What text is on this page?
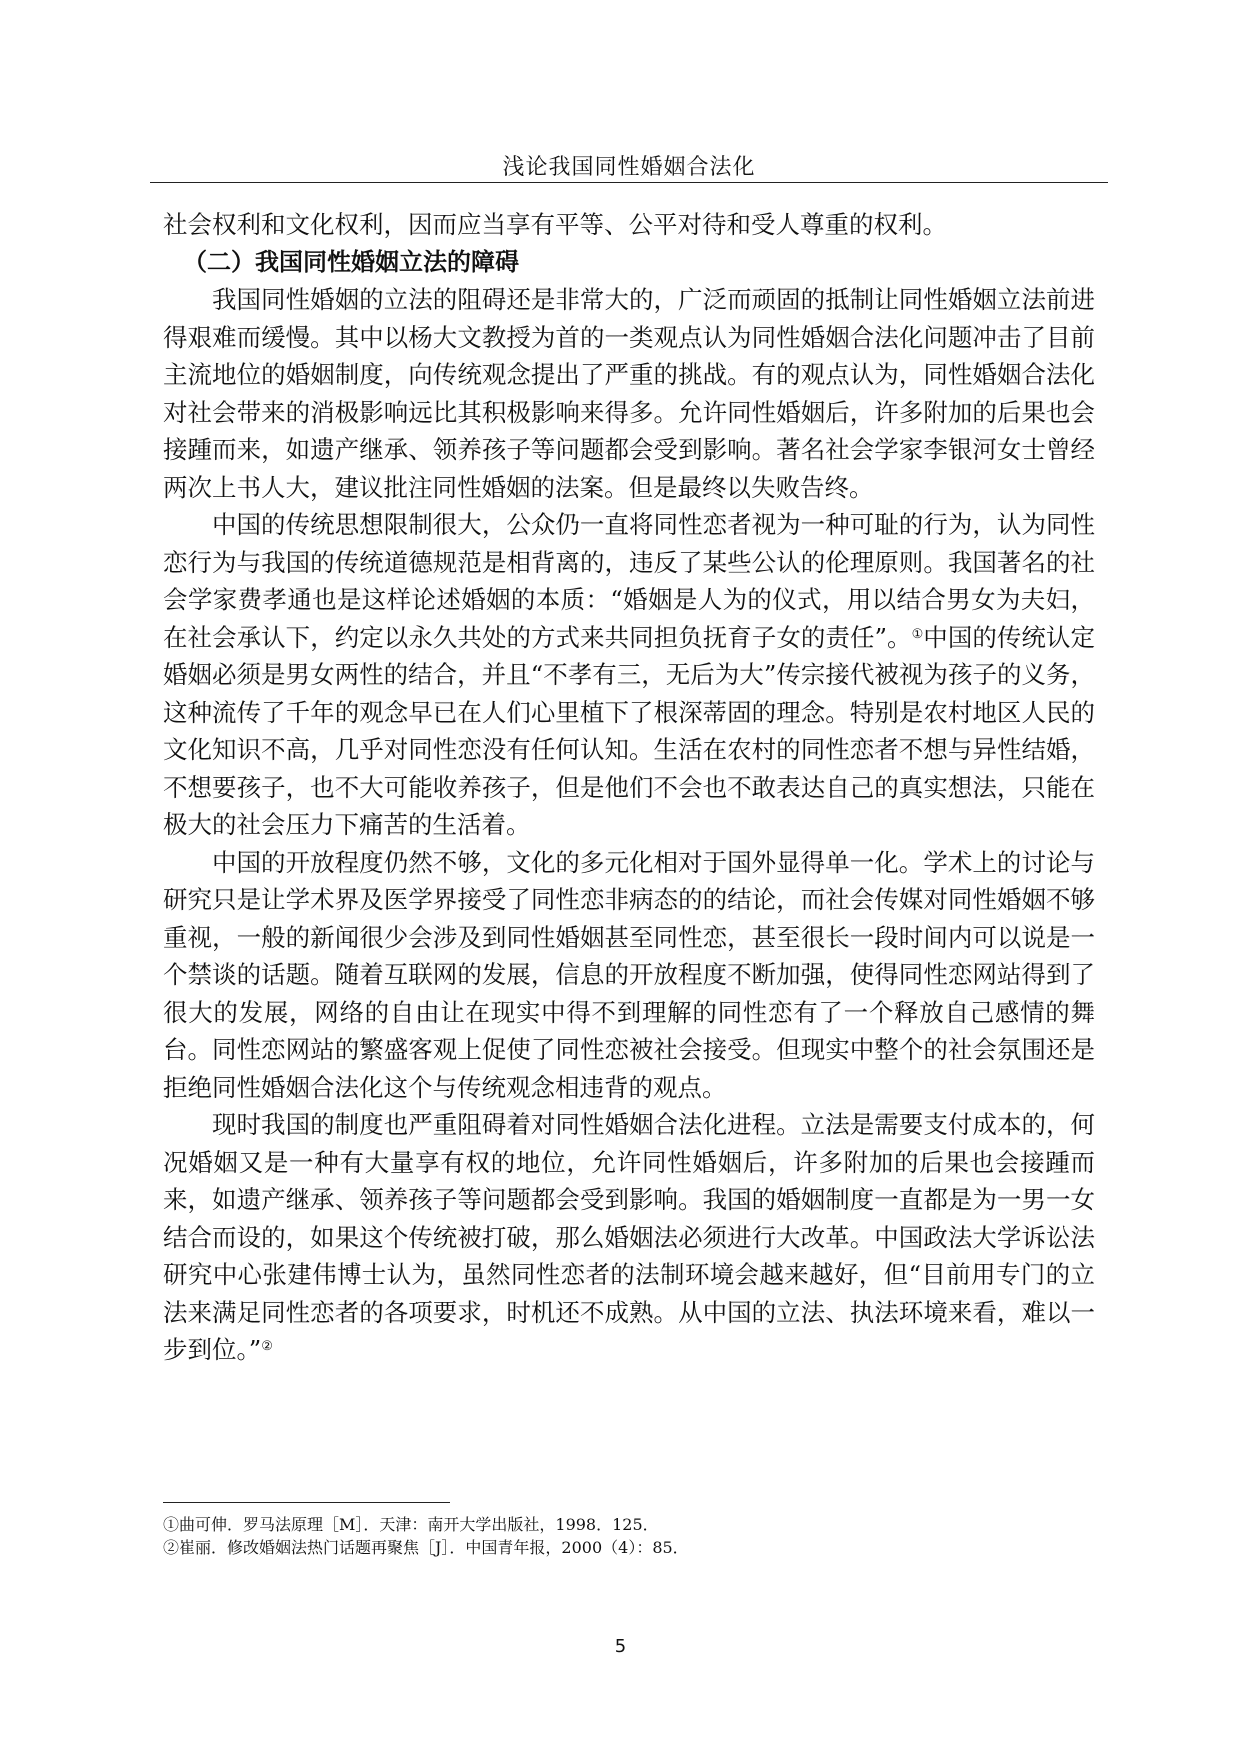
浅论我国同性婚姻合法化

社会权利和文化权利，因而应当享有平等、公平对待和受人尊重的权利。

（二）我国同性婚姻立法的障碍

我国同性婚姻的立法的阻碍还是非常大的，广泛而顽固的抵制让同性婚姻立法前进得艰难而缓慢。其中以杨大文教授为首的一类观点认为同性婚姻合法化问题冲击了目前主流地位的婚姻制度，向传统观念提出了严重的挑战。有的观点认为，同性婚姻合法化对社会带来的消极影响远比其积极影响来得多。允许同性婚姻后，许多附加的后果也会接踵而来，如遗产继承、领养孩子等问题都会受到影响。著名社会学家李银河女士曾经两次上书人大，建议批注同性婚姻的法案。但是最终以失败告终。

中国的传统思想限制很大，公众仍一直将同性恋者视为一种可耻的行为，认为同性恋行为与我国的传统道德规范是相背离的，违反了某些公认的伦理原则。我国著名的社会学家费孝通也是这样论述婚姻的本质：“婚姻是人为的仪式，用以结合男女为夫妇，在社会承认下，约定以永久共处的方式来共同担负抚育子女的责任”。①中国的传统认定婚姻必须是男女两性的结合，并且“不孝有三，无后为大”传宗接代被视为孩子的义务，这种流传了千年的观念早已在人们心里植下了根深蒂固的理念。特别是农村地区人民的文化知识不高，几乎对同性恋没有任何认知。生活在农村的同性恋者不想与异性结婚，不想要孩子，也不大可能收养孩子，但是他们不会也不敢表达自己的真实想法，只能在极大的社会压力下痛苦的生活着。

中国的开放程度仍然不够，文化的多元化相对于国外显得单一化。学术上的讨论与研究只是让学术界及医学界接受了同性恋非病态的的结论，而社会传媒对同性婚姻不够重视，一般的新闻很少会涉及到同性婚姻甚至同性恋，甚至很长一段时间内可以说是一个禁谈的话题。随着互联网的发展，信息的开放程度不断加强，使得同性恋网站得到了很大的发展，网络的自由让在现实中得不到理解的同性恋有了一个释放自己感情的舞台。同性恋网站的繁盛客观上促使了同性恋被社会接受。但现实中整个的社会氛围还是拒绝同性婚姻合法化这个与传统观念相违背的观点。

现时我国的制度也严重阻碍着对同性婚姻合法化进程。立法是需要支付成本的，何况婚姻又是一种有大量享有权的地位，允许同性婚姻后，许多附加的后果也会接踵而来，如遗产继承、领养孩子等问题都会受到影响。我国的婚姻制度一直都是为一男一女结合而设的，如果这个传统被打破，那么婚姻法必须进行大改革。中国政法大学诉讼法研究中心张建伟博士认为，虽然同性恋者的法制环境会越来越好，但“目前用专门的立法来满足同性恋者的各项要求，时机还不成熟。从中国的立法、执法环境来看，难以一步到位。”②

①曲可伸．罗马法原理［M］．天津：南开大学出版社，1998．125．

②崔丽．修改婚姻法热门话题再聚焦［J］．中国青年报，2000（4）：85．

5
